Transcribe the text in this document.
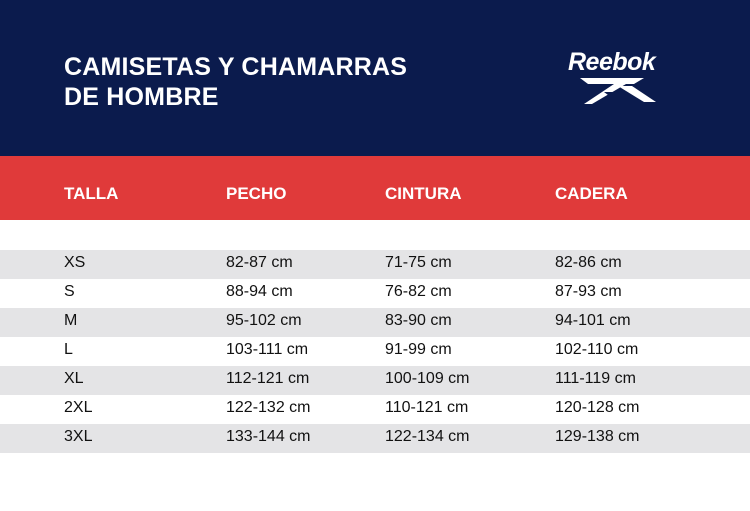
CAMISETAS Y CHAMARRAS
DE HOMBRE
Reebok
TALLA	PECHO	CINTURA	CADERA
XS	82-87 cm	71-75 cm	82-86 cm
S	88-94 cm	76-82 cm	87-93 cm
M	95-102 cm	83-90 cm	94-101 cm
L	103-111 cm	91-99 cm	102-110 cm
XL	112-121 cm	100-109 cm	111-119 cm
2XL	122-132 cm	110-121 cm	120-128 cm
3XL	133-144 cm	122-134 cm	129-138 cm
